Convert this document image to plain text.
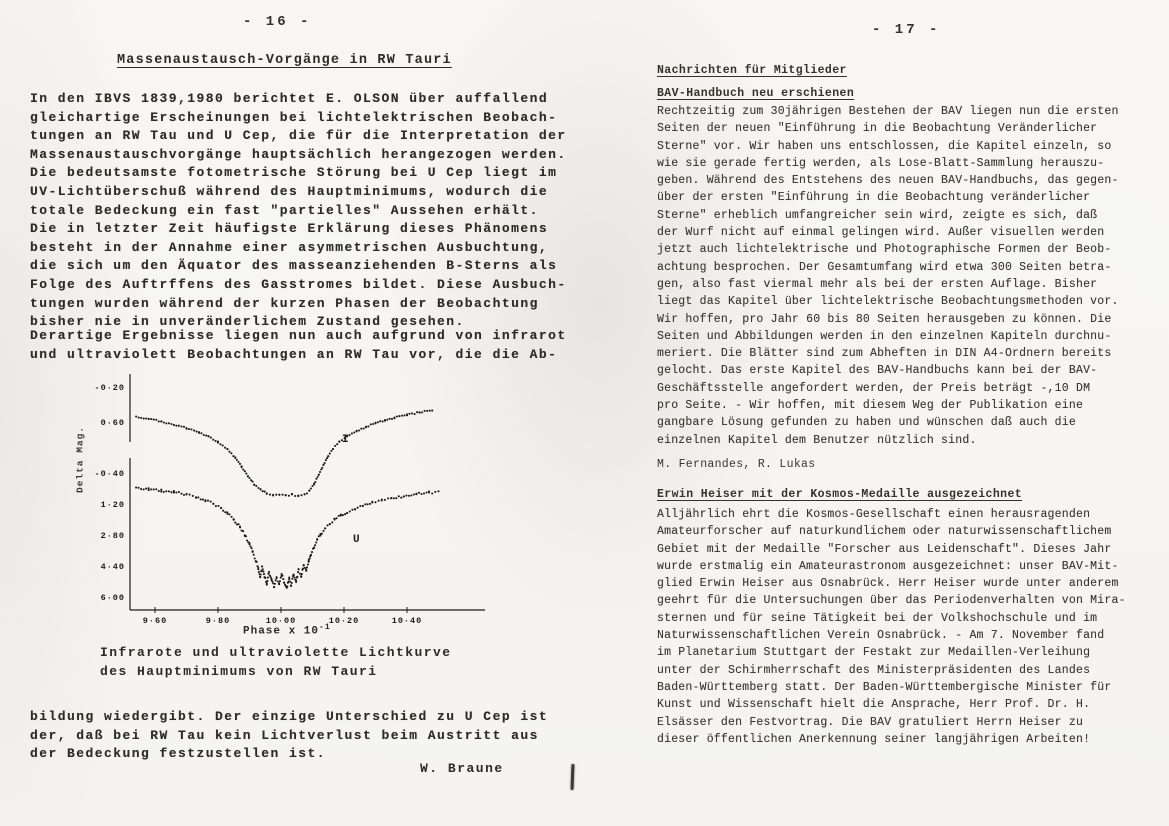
- 16 -
Massenaustausch-Vorgänge in RW Tauri
In den IBVS 1839,1980 berichtet E. OLSON über auffallend
gleichartige Erscheinungen bei lichtelektrischen Beobach-
tungen an RW Tau und U Cep, die für die Interpretation der
Massenaustauschvorgänge hauptsächlich herangezogen werden.
Die bedeutsamste fotometrische Störung bei U Cep liegt im
UV-Lichtüberschuß während des Hauptminimums, wodurch die
totale Bedeckung ein fast "partielles" Aussehen erhält.
Die in letzter Zeit häufigste Erklärung dieses Phänomens
besteht in der Annahme einer asymmetrischen Ausbuchtung,
die sich um den Äquator des masseanziehenden B-Sterns als
Folge des Auftrffens des Gasstromes bildet. Diese Ausbuch-
tungen wurden während der kurzen Phasen der Beobachtung
bisher nie in unveränderlichem Zustand gesehen.
Derartige Ergebnisse liegen nun auch aufgrund von infrarot
und ultraviolett Beobachtungen an RW Tau vor, die die Ab-
9·60	9·80	10·00	10·20	10·40
-0·20
0·60
-0·40
1·20
2·80
4·40
6·00
I
U
Delta Mag.
Phase x $10^{-1}$
Infrarote und ultraviolette Lichtkurve
des Hauptminimums von RW Tauri
bildung wiedergibt. Der einzige Unterschied zu U Cep ist
der, daß bei RW Tau kein Lichtverlust beim Austritt aus
der Bedeckung festzustellen ist.
W. Braune
- 17 -
Nachrichten für Mitglieder
BAV-Handbuch neu erschienen
Rechtzeitig zum 30jährigen Bestehen der BAV liegen nun die ersten
Seiten der neuen "Einführung in die Beobachtung Veränderlicher
Sterne" vor. Wir haben uns entschlossen, die Kapitel einzeln, so
wie sie gerade fertig werden, als Lose-Blatt-Sammlung herauszu-
geben. Während des Entstehens des neuen BAV-Handbuchs, das gegen-
über der ersten "Einführung in die Beobachtung veränderlicher
Sterne" erheblich umfangreicher sein wird, zeigte es sich, daß
der Wurf nicht auf einmal gelingen wird. Außer visuellen werden
jetzt auch lichtelektrische und Photographische Formen der Beob-
achtung besprochen. Der Gesamtumfang wird etwa 300 Seiten betra-
gen, also fast viermal mehr als bei der ersten Auflage. Bisher
liegt das Kapitel über lichtelektrische Beobachtungsmethoden vor.
Wir hoffen, pro Jahr 60 bis 80 Seiten herausgeben zu können. Die
Seiten und Abbildungen werden in den einzelnen Kapiteln durchnu-
meriert. Die Blätter sind zum Abheften in DIN A4-Ordnern bereits
gelocht. Das erste Kapitel des BAV-Handbuchs kann bei der BAV-
Geschäftsstelle angefordert werden, der Preis beträgt -,10 DM
pro Seite. - Wir hoffen, mit diesem Weg der Publikation eine
gangbare Lösung gefunden zu haben und wünschen daß auch die
einzelnen Kapitel dem Benutzer nützlich sind.
M. Fernandes, R. Lukas
Erwin Heiser mit der Kosmos-Medaille ausgezeichnet
Alljährlich ehrt die Kosmos-Gesellschaft einen herausragenden
Amateurforscher auf naturkundlichem oder naturwissenschaftlichem
Gebiet mit der Medaille "Forscher aus Leidenschaft". Dieses Jahr
wurde erstmalig ein Amateurastronom ausgezeichnet: unser BAV-Mit-
glied Erwin Heiser aus Osnabrück. Herr Heiser wurde unter anderem
geehrt für die Untersuchungen über das Periodenverhalten von Mira-
sternen und für seine Tätigkeit bei der Volkshochschule und im
Naturwissenschaftlichen Verein Osnabrück. - Am 7. November fand
im Planetarium Stuttgart der Festakt zur Medaillen-Verleihung
unter der Schirmherrschaft des Ministerpräsidenten des Landes
Baden-Württemberg statt. Der Baden-Württembergische Minister für
Kunst und Wissenschaft hielt die Ansprache, Herr Prof. Dr. H.
Elsässer den Festvortrag. Die BAV gratuliert Herrn Heiser zu
dieser öffentlichen Anerkennung seiner langjährigen Arbeiten!
